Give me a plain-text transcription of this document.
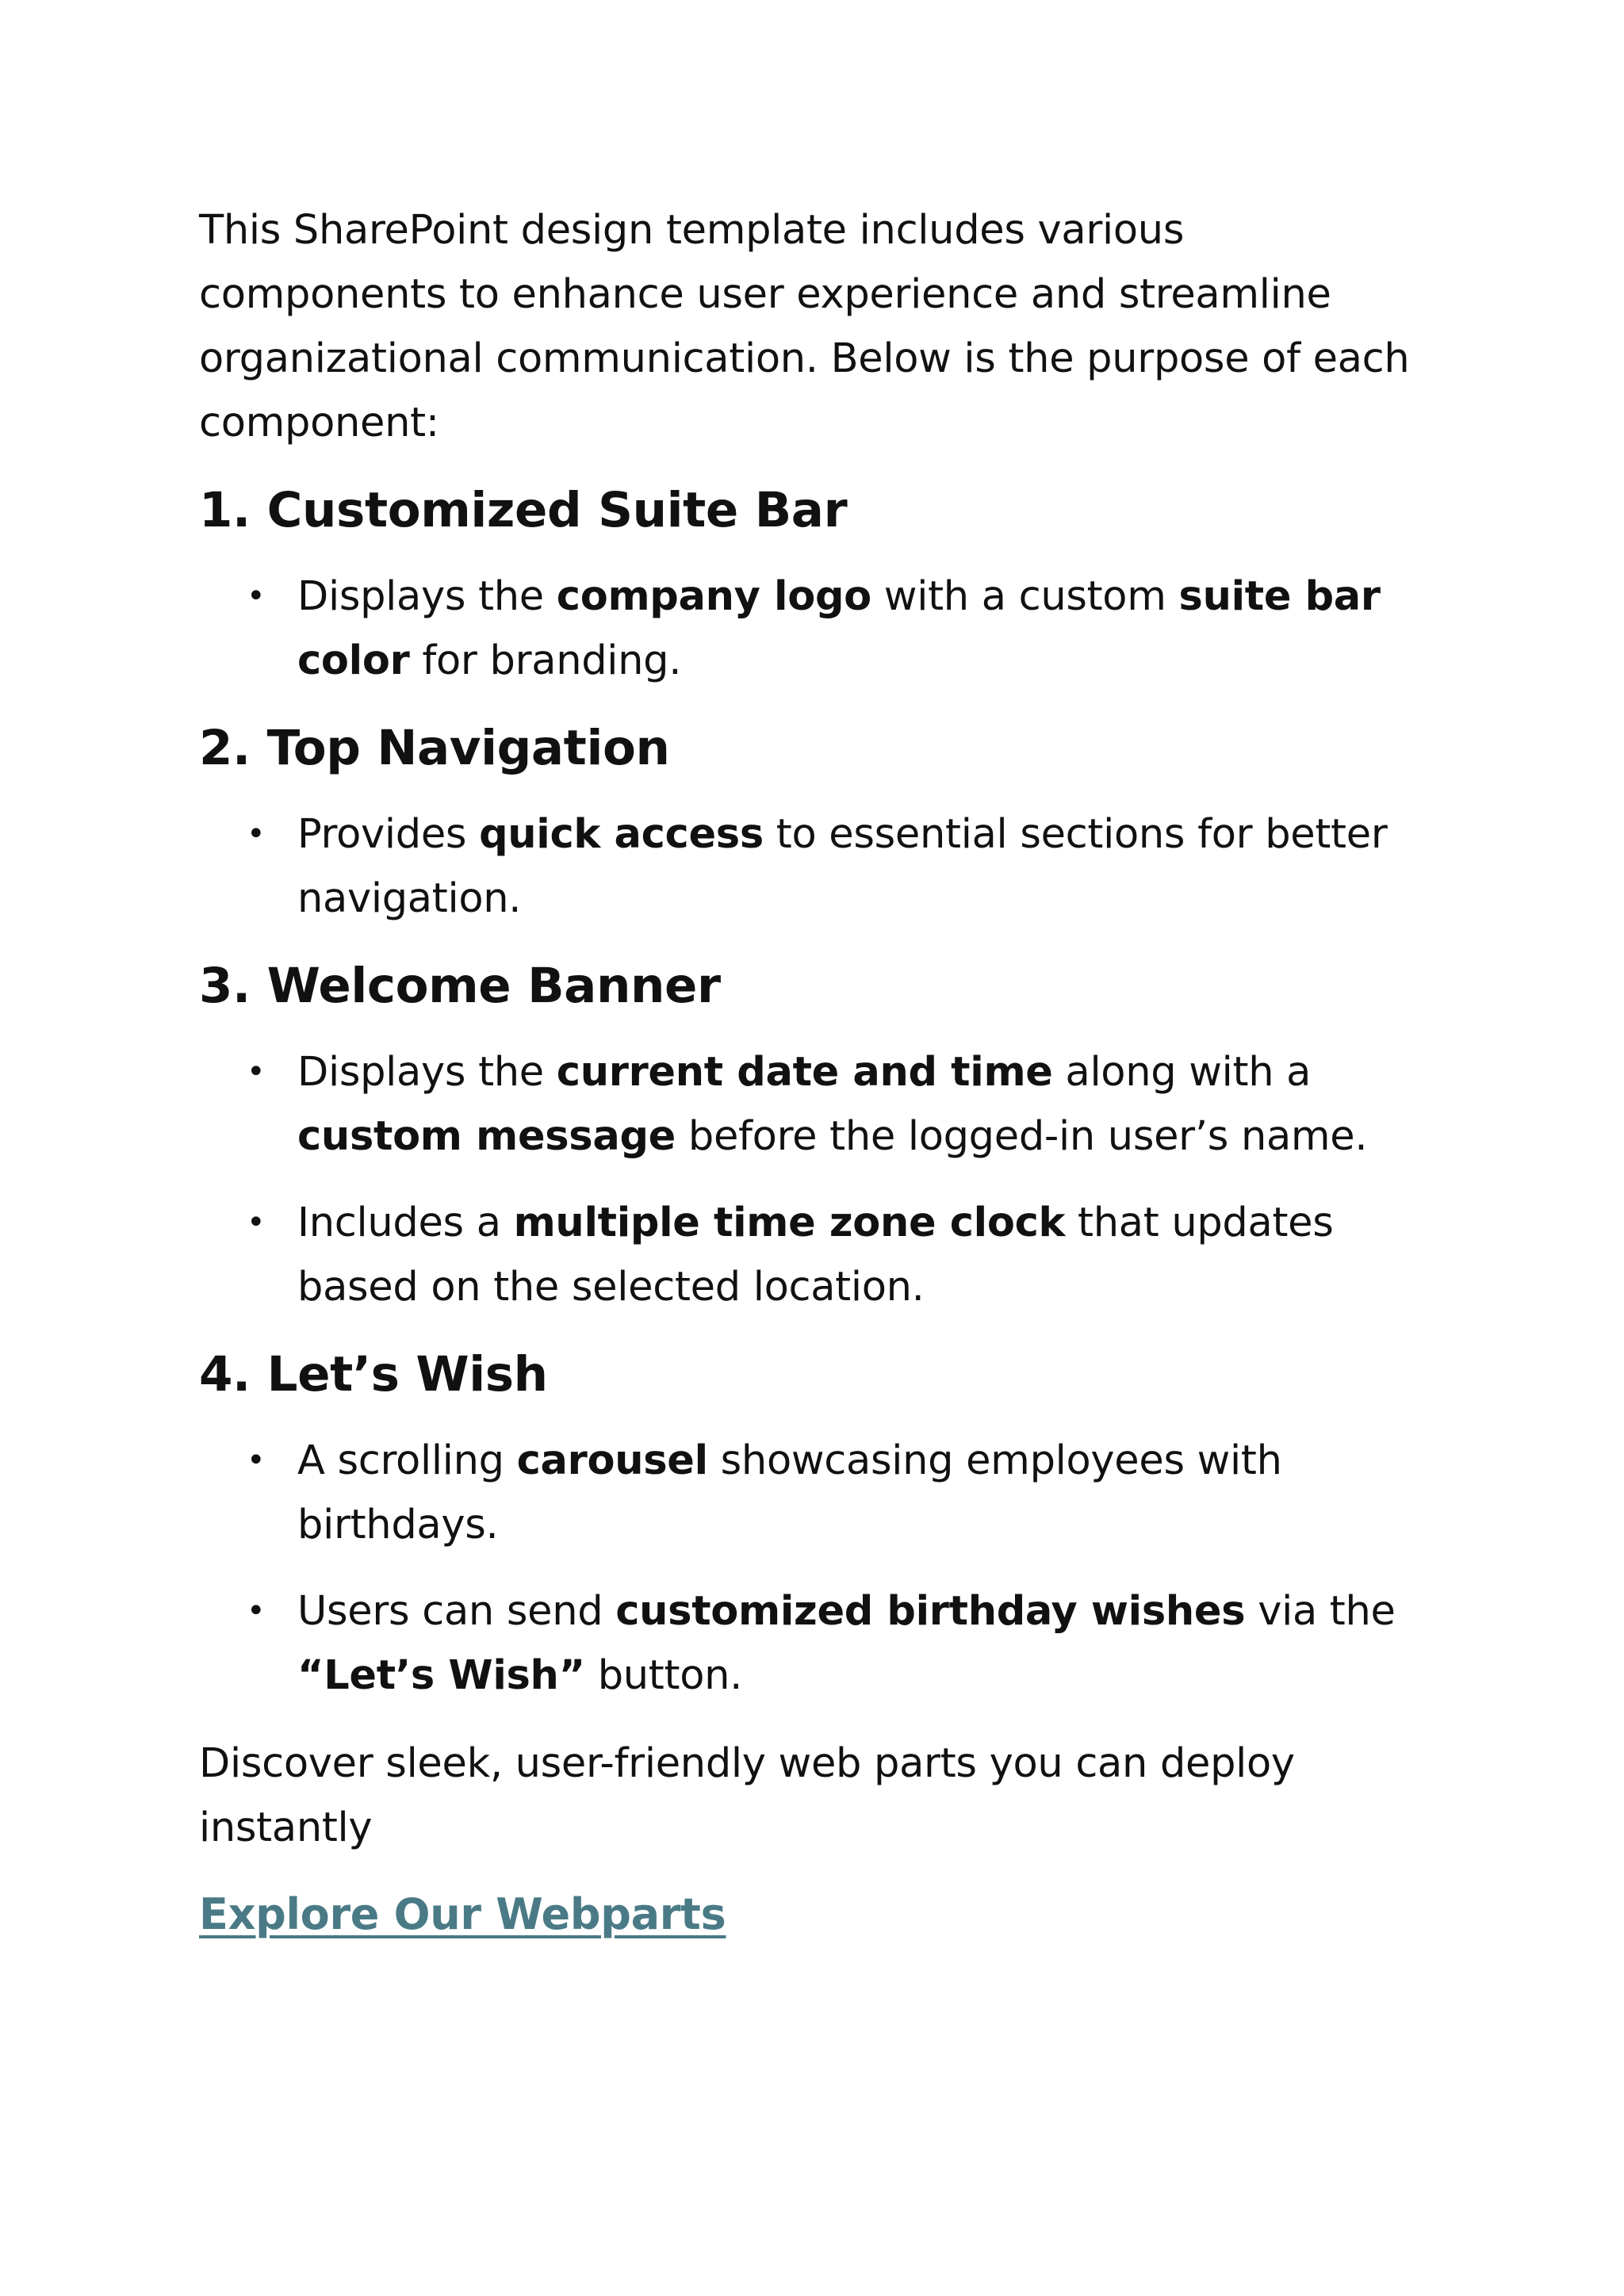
This SharePoint design template includes various components to enhance user experience and streamline organizational communication. Below is the purpose of each component:

1. Customized Suite Bar
• Displays the company logo with a custom suite bar color for branding.
2. Top Navigation
• Provides quick access to essential sections for better navigation.
3. Welcome Banner
• Displays the current date and time along with a custom message before the logged-in user’s name.
• Includes a multiple time zone clock that updates based on the selected location.
4. Let’s Wish
• A scrolling carousel showcasing employees with birthdays.
• Users can send customized birthday wishes via the “Let’s Wish” button.

Discover sleek, user-friendly web parts you can deploy instantly

Explore Our Webparts
